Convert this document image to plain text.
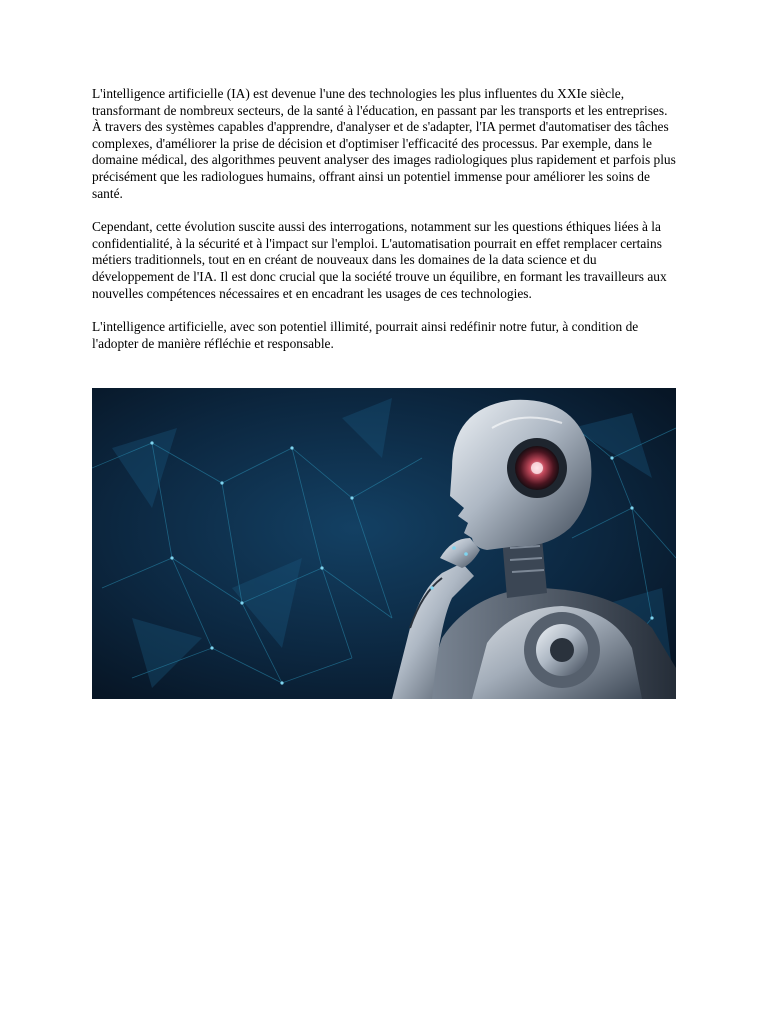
L'intelligence artificielle (IA) est devenue l'une des technologies les plus influentes du XXIe siècle, transformant de nombreux secteurs, de la santé à l'éducation, en passant par les transports et les entreprises. À travers des systèmes capables d'apprendre, d'analyser et de s'adapter, l'IA permet d'automatiser des tâches complexes, d'améliorer la prise de décision et d'optimiser l'efficacité des processus. Par exemple, dans le domaine médical, des algorithmes peuvent analyser des images radiologiques plus rapidement et parfois plus précisément que les radiologues humains, offrant ainsi un potentiel immense pour améliorer les soins de santé.

Cependant, cette évolution suscite aussi des interrogations, notamment sur les questions éthiques liées à la confidentialité, à la sécurité et à l'impact sur l'emploi. L'automatisation pourrait en effet remplacer certains métiers traditionnels, tout en en créant de nouveaux dans les domaines de la data science et du développement de l'IA. Il est donc crucial que la société trouve un équilibre, en formant les travailleurs aux nouvelles compétences nécessaires et en encadrant les usages de ces technologies.

L'intelligence artificielle, avec son potentiel illimité, pourrait ainsi redéfinir notre futur, à condition de l'adopter de manière réfléchie et responsable.
